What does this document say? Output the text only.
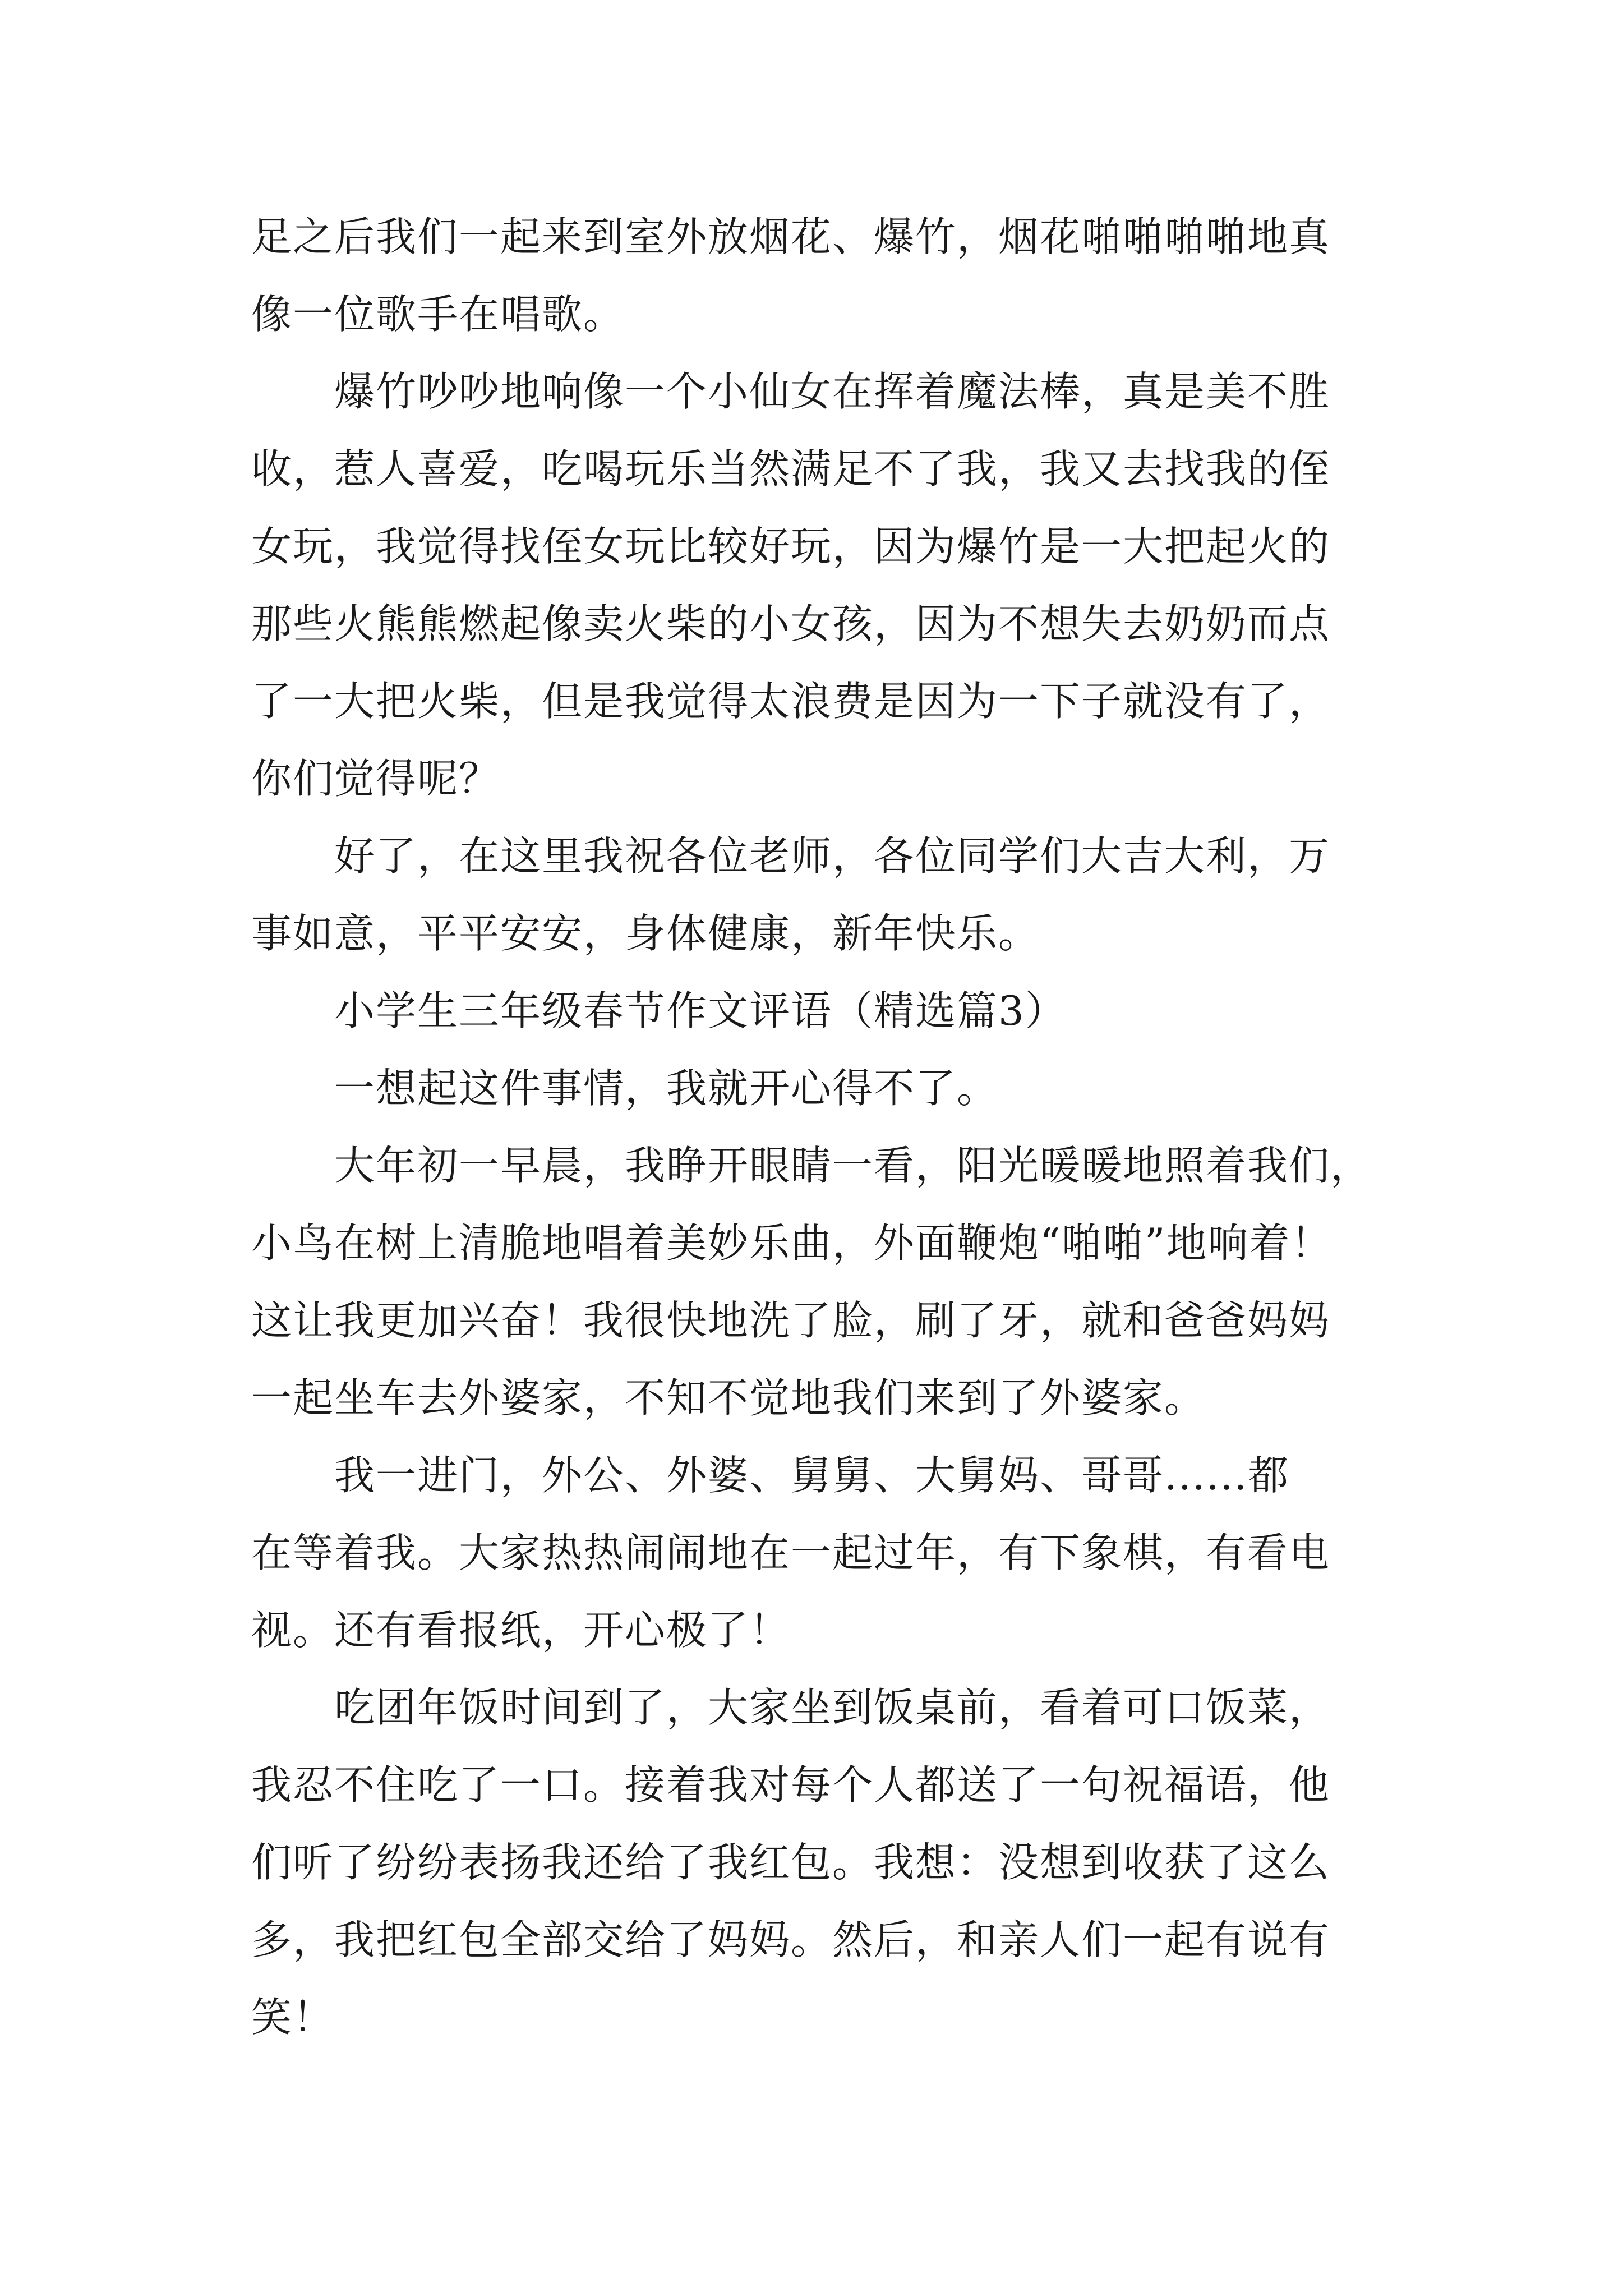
足之后我们一起来到室外放烟花、爆竹，烟花啪啪啪啪地真
像一位歌手在唱歌。
爆竹吵吵地响像一个小仙女在挥着魔法棒，真是美不胜
收，惹人喜爱，吃喝玩乐当然满足不了我，我又去找我的侄
女玩，我觉得找侄女玩比较好玩，因为爆竹是一大把起火的
那些火熊熊燃起像卖火柴的小女孩，因为不想失去奶奶而点
了一大把火柴，但是我觉得太浪费是因为一下子就没有了，
你们觉得呢？
好了，在这里我祝各位老师，各位同学们大吉大利，万
事如意，平平安安，身体健康，新年快乐。
小学生三年级春节作文评语（精选篇3）
一想起这件事情，我就开心得不了。
大年初一早晨，我睁开眼睛一看，阳光暖暖地照着我们，
小鸟在树上清脆地唱着美妙乐曲，外面鞭炮“啪啪”地响着！
这让我更加兴奋！我很快地洗了脸，刷了牙，就和爸爸妈妈
一起坐车去外婆家，不知不觉地我们来到了外婆家。
我一进门，外公、外婆、舅舅、大舅妈、哥哥......都
在等着我。大家热热闹闹地在一起过年，有下象棋，有看电
视。还有看报纸，开心极了！
吃团年饭时间到了，大家坐到饭桌前，看着可口饭菜，
我忍不住吃了一口。接着我对每个人都送了一句祝福语，他
们听了纷纷表扬我还给了我红包。我想：没想到收获了这么
多，我把红包全部交给了妈妈。然后，和亲人们一起有说有
笑！
